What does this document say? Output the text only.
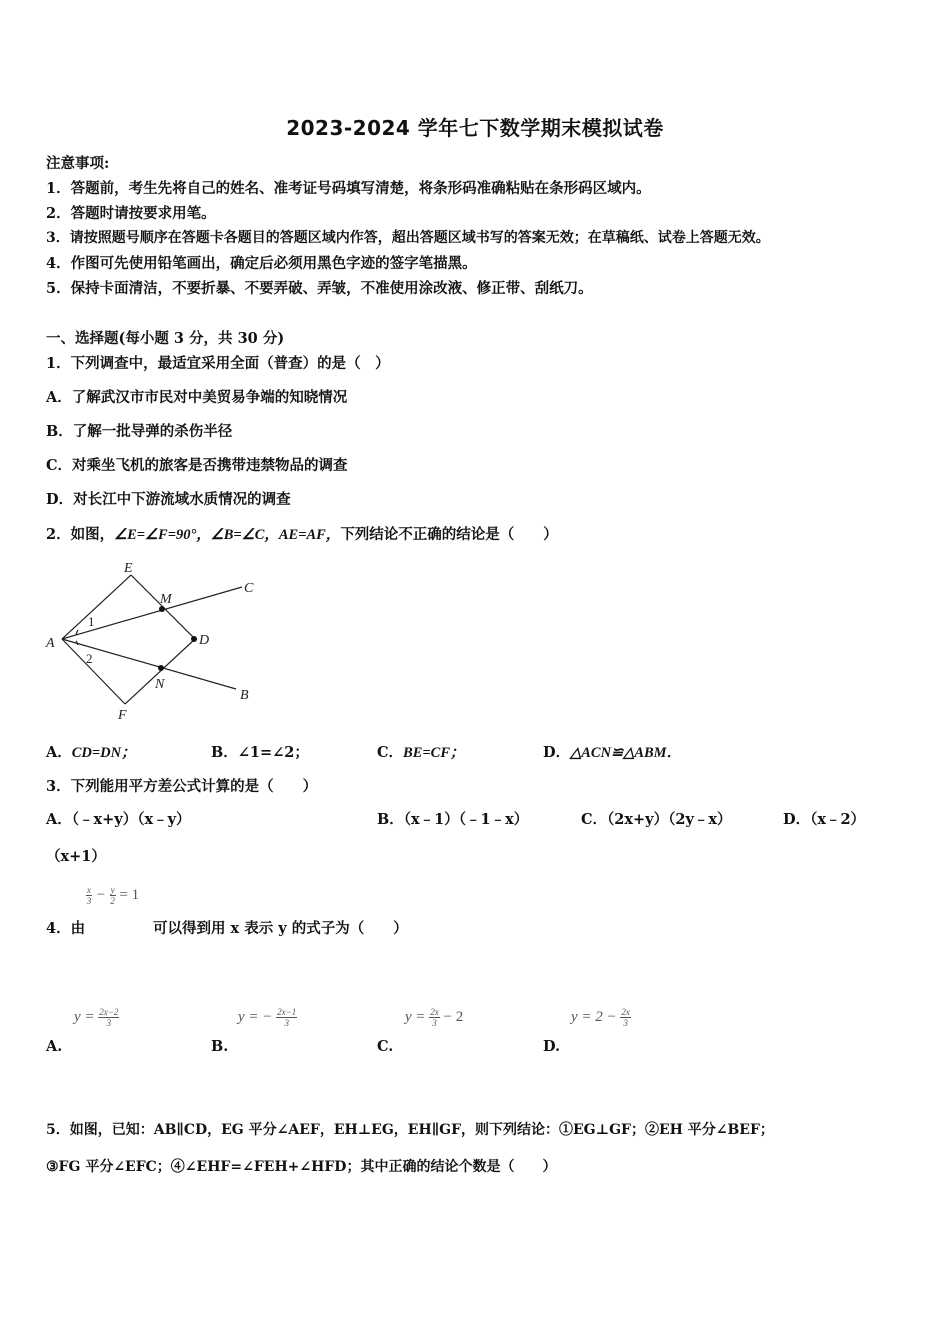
2023-2024 学年七下数学期末模拟试卷
注意事项:
1．答题前，考生先将自己的姓名、准考证号码填写清楚，将条形码准确粘贴在条形码区域内。
2．答题时请按要求用笔。
3．请按照题号顺序在答题卡各题目的答题区域内作答，超出答题区域书写的答案无效；在草稿纸、试卷上答题无效。
4．作图可先使用铅笔画出，确定后必须用黑色字迹的签字笔描黑。
5．保持卡面清洁，不要折暴、不要弄破、弄皱，不准使用涂改液、修正带、刮纸刀。
一、选择题(每小题 3 分，共 30 分)
1．下列调查中，最适宜采用全面（普查）的是（　）
A．了解武汉市市民对中美贸易争端的知晓情况
B．了解一批导弹的杀伤半径
C．对乘坐飞机的旅客是否携带违禁物品的调查
D．对长江中下游流域水质情况的调查
2．如图，∠E=∠F=90°，∠B=∠C，AE=AF，下列结论不正确的结论是（　　）
E
C
M
A	D
N
F
B
1
2
A．CD=DN；	B．∠1=∠2；	C．BE=CF；	D．△ACN≌△ABM．
3．下列能用平方差公式计算的是（　　）
A．（﹣x+y）（x﹣y）	B．（x﹣1）（﹣1﹣x）	C．（2x+y）（2y﹣x）	D．（x﹣2）
（x+1）
$\frac{x}{3} - \frac{y}{2} = 1$
4．由	可以得到用 x 表示 y 的式子为（　　）
$y = \frac{2x-2}{3}$
A.
y = − $\frac{2x-1}{3}$
B.
$y = \frac{2x}{3} - 2$
C.
$y = 2 - \frac{2x}{3}$
D.
5．如图，已知：AB∥CD，EG 平分∠AEF，EH⊥EG，EH∥GF，则下列结论：①EG⊥GF；②EH 平分∠BEF；
③FG 平分∠EFC；④∠EHF=∠FEH+∠HFD；其中正确的结论个数是（　　）
